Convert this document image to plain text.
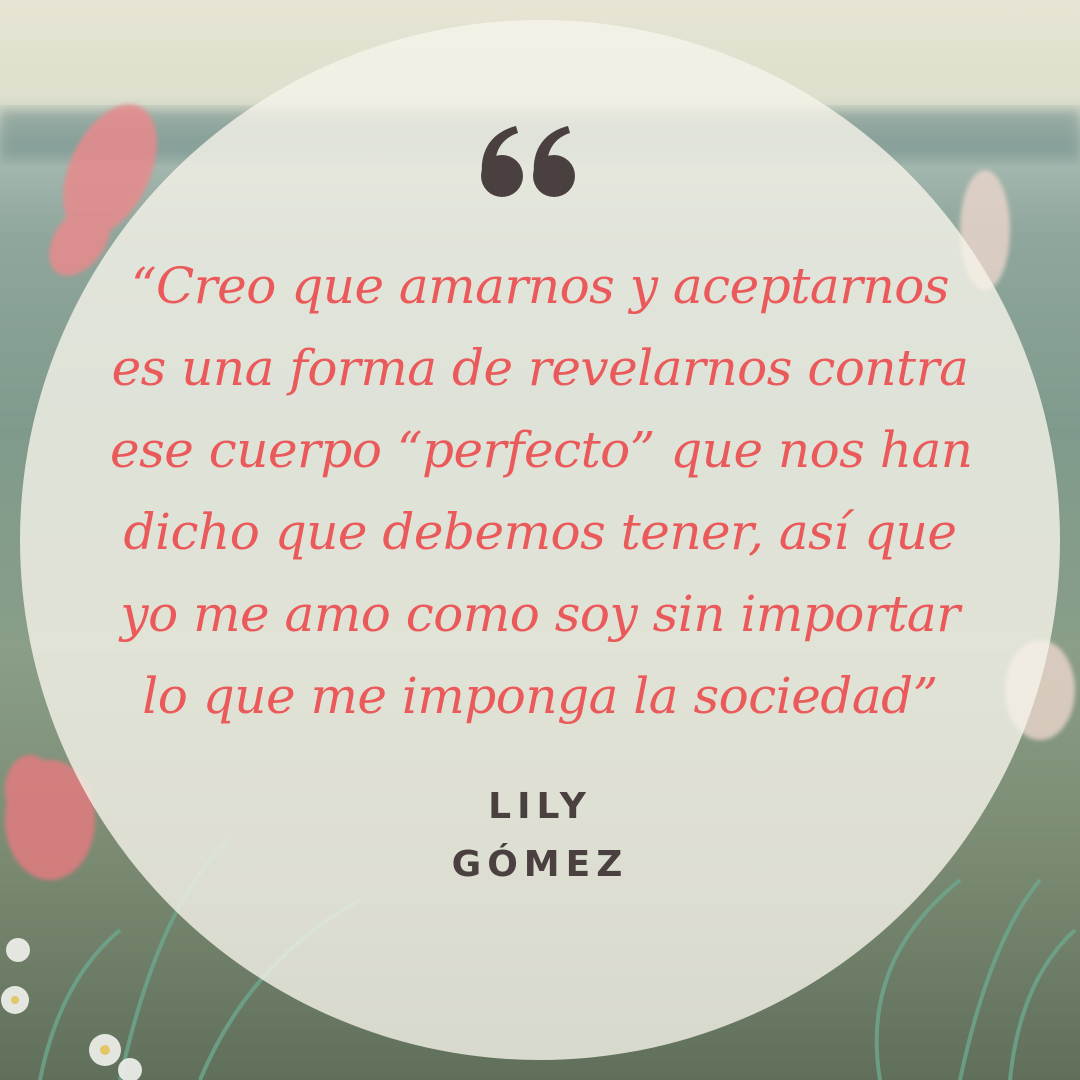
“Creo que amarnos y aceptarnos
es una forma de revelarnos contra
ese cuerpo “perfecto” que nos han
dicho que debemos tener, así que
yo me amo como soy sin importar
lo que me imponga la sociedad”

LILY
GÓMEZ
